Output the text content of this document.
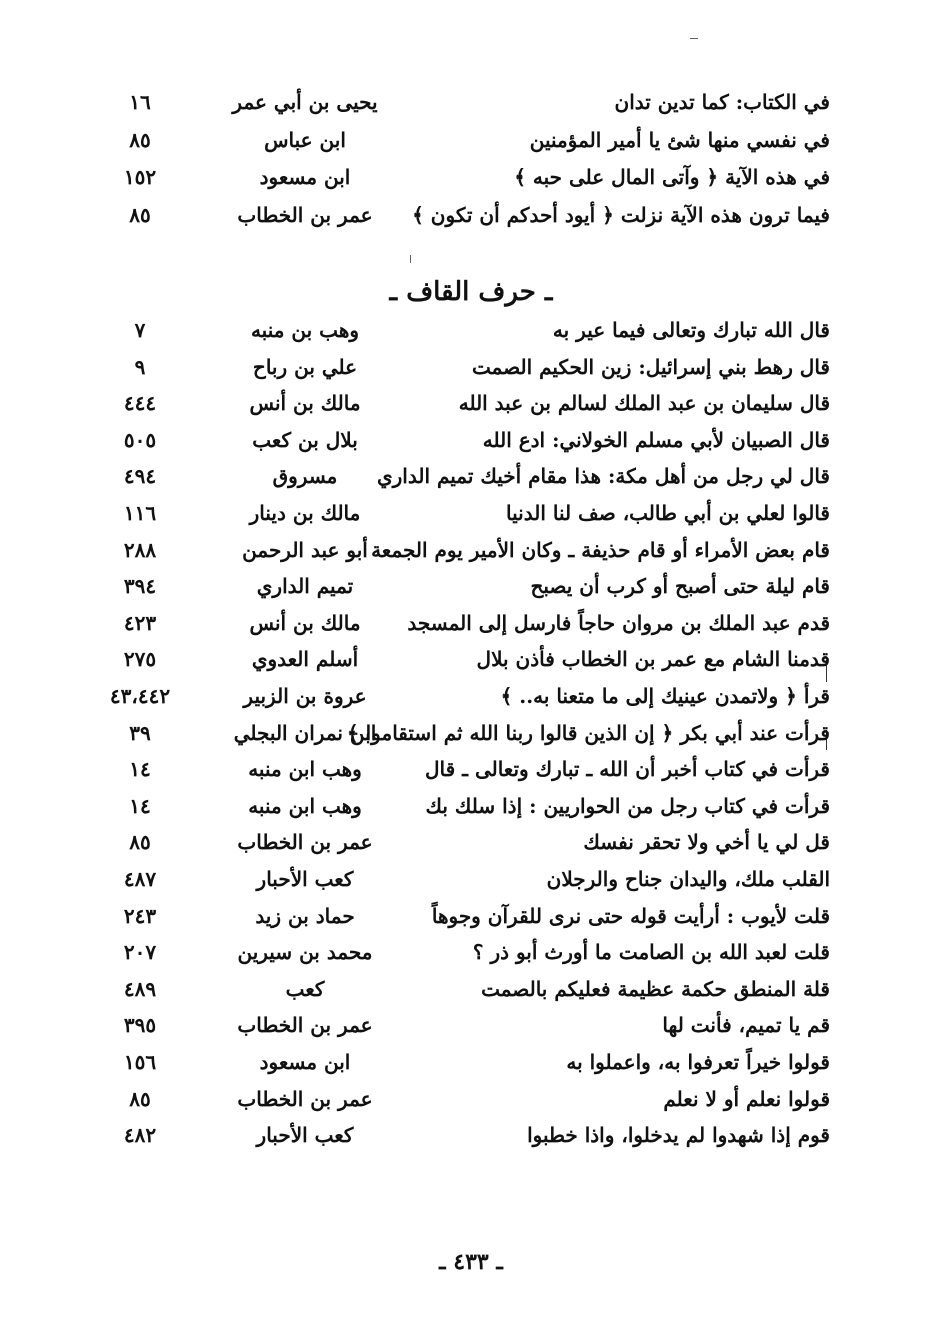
في الكتاب: كما تدين تدان
يحيى بن أبي عمر
١٦
في نفسي منها شئ يا أمير المؤمنين
ابن عباس
٨٥
في هذه الآية ﴿ وآتى المال على حبه ﴾
ابن مسعود
١٥٢
فيما ترون هذه الآية نزلت ﴿ أيود أحدكم أن تكون ﴾
عمر بن الخطاب
٨٥
ـ حرف القاف ـ
قال الله تبارك وتعالى فيما عير به
وهب بن منبه
٧
قال رهط بني إسرائيل: زين الحكيم الصمت
علي بن رباح
٩
قال سليمان بن عبد الملك لسالم بن عبد الله
مالك بن أنس
٤٤٤
قال الصبيان لأبي مسلم الخولاني: ادع الله
بلال بن كعب
٥٠٥
قال لي رجل من أهل مكة: هذا مقام أخيك تميم الداري
مسروق
٤٩٤
قالوا لعلي بن أبي طالب، صف لنا الدنيا
مالك بن دينار
١١٦
قام بعض الأمراء أو قام حذيفة ـ وكان الأمير يوم الجمعة
أبو عبد الرحمن
٢٨٨
قام ليلة حتى أصبح أو كرب أن يصبح
تميم الداري
٣٩٤
قدم عبد الملك بن مروان حاجاً فارسل إلى المسجد
مالك بن أنس
٤٢٣
قدمنا الشام مع عمر بن الخطاب فأذن بلال
أسلم العدوي
٢٧٥
قرأ ﴿ ولاتمدن عينيك إلى ما متعنا به.. ﴾
عروة بن الزبير
٤٣،٤٤٢
قرأت عند أبي بكر ﴿ إن الذين قالوا ربنا الله ثم استقاموا ﴾
ابن نمران البجلي
٣٩
قرأت في كتاب أخبر أن الله ـ تبارك وتعالى ـ قال
وهب ابن منبه
١٤
قرأت في كتاب رجل من الحواريين : إذا سلك بك
وهب ابن منبه
١٤
قل لي يا أخي ولا تحقر نفسك
عمر بن الخطاب
٨٥
القلب ملك، واليدان جناح والرجلان
كعب الأحبار
٤٨٧
قلت لأيوب : أرأيت قوله حتى نرى للقرآن وجوهاً
حماد بن زيد
٢٤٣
قلت لعبد الله بن الصامت ما أورث أبو ذر ؟
محمد بن سيرين
٢٠٧
قلة المنطق حكمة عظيمة فعليكم بالصمت
كعب
٤٨٩
قم يا تميم، فأنت لها
عمر بن الخطاب
٣٩٥
قولوا خيراً تعرفوا به، واعملوا به
ابن مسعود
١٥٦
قولوا نعلم أو لا نعلم
عمر بن الخطاب
٨٥
قوم إذا شهدوا لم يدخلوا، واذا خطبوا
كعب الأحبار
٤٨٢
ـ ٤٣٣ ـ
